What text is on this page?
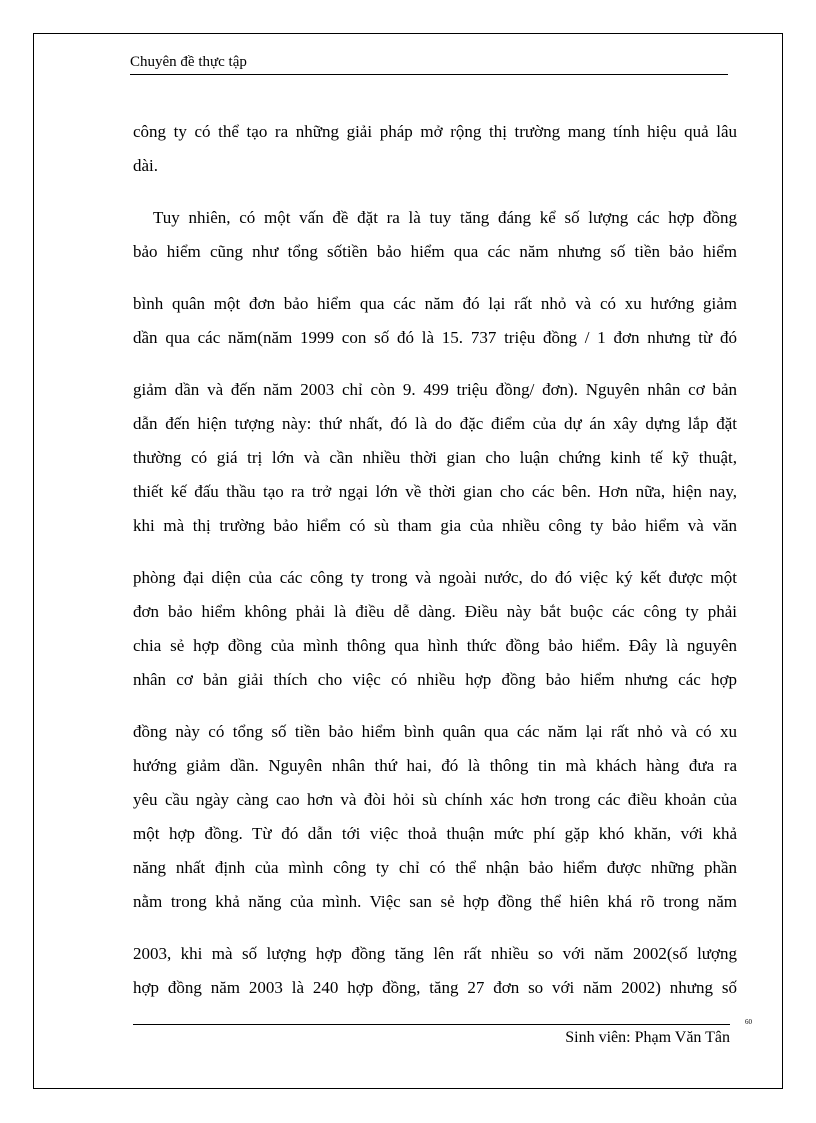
Chuyên đề thực tập
công ty có thể tạo ra những giải pháp mở rộng thị trường mang tính hiệu quả lâu
dài.
Tuy nhiên, có một vấn đề đặt ra là tuy tăng đáng kể số lượng các hợp đồng
bảo hiểm cũng như tổng sốtiền bảo hiểm qua các năm nhưng số tiền bảo hiểm
bình quân một đơn bảo hiểm qua các năm đó lại rất nhỏ và có xu hướng giảm
dần qua các năm(năm 1999 con số đó là 15. 737 triệu đồng / 1 đơn nhưng từ đó
giảm dần và đến năm 2003 chỉ còn 9. 499 triệu đồng/ đơn). Nguyên nhân cơ bản
dẫn đến hiện tượng này: thứ nhất, đó là do đặc điểm của dự án xây dựng lắp đặt
thường có giá trị lớn và cần nhiều thời gian cho luận chứng kinh tế kỹ thuật,
thiết kế đấu thầu tạo ra trở ngại lớn về thời gian cho các bên. Hơn nữa, hiện nay,
khi mà thị trường bảo hiểm có sù tham gia của nhiều công ty bảo hiểm và văn
phòng đại diện của các công ty trong và ngoài nước, do đó việc ký kết được một
đơn bảo hiểm không phải là điều dễ dàng. Điều này bắt buộc các công ty phải
chia sẻ hợp đồng của mình thông qua hình thức đồng bảo hiểm. Đây là nguyên
nhân cơ bản giải thích cho việc có nhiều hợp đồng bảo hiểm nhưng các hợp
đồng này có tổng số tiền bảo hiểm bình quân qua các năm lại rất nhỏ và có xu
hướng giảm dần. Nguyên nhân thứ hai, đó là thông tin mà khách hàng đưa ra
yêu cầu ngày càng cao hơn và đòi hỏi sù chính xác hơn trong các điều khoản của
một hợp đồng. Từ đó dẫn tới việc thoả thuận mức phí gặp khó khăn, với khả
năng nhất định của mình công ty chỉ có thể nhận bảo hiểm được những phần
nằm trong khả năng của mình. Việc san sẻ hợp đồng thể hiên khá rõ trong năm
2003, khi mà số lượng hợp đồng tăng lên rất nhiều so với năm 2002(số lượng
hợp đồng năm 2003 là 240 hợp đồng, tăng 27 đơn so với năm 2002) nhưng số
60
Sinh viên: Phạm Văn Tân
